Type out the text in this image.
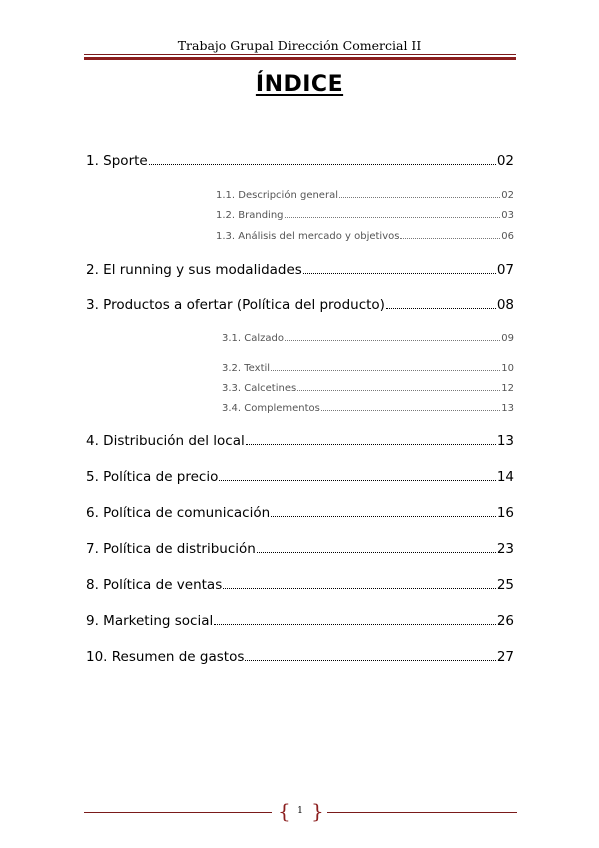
Trabajo Grupal Dirección Comercial II
ÍNDICE
1. Sporte	02
1.1. Descripción general	02
1.2. Branding	03
1.3. Análisis del mercado y objetivos	06
2. El running y sus modalidades	07
3. Productos a ofertar (Política del producto)	08
3.1. Calzado	09
3.2. Textil	10
3.3. Calcetines	12
3.4. Complementos	13
4. Distribución del local	13
5. Política de precio	14
6. Política de comunicación	16
7. Política de distribución	23
8. Política de ventas	25
9. Marketing social	26
10. Resumen de gastos	27
{ }
1
